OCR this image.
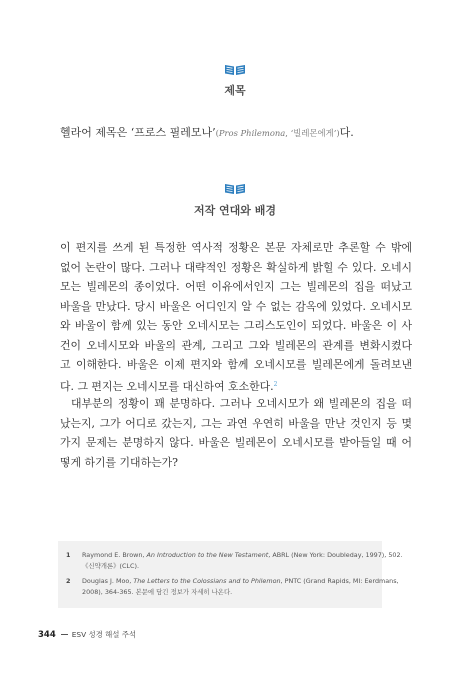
제목
헬라어 제목은 ‘프로스 필레모나’(Pros Philemona, ‘빌레몬에게’)다.
저작 연대와 배경
이 편지를 쓰게 된 특정한 역사적 정황은 본문 자체로만 추론할 수 밖에
없어 논란이 많다. 그러나 대략적인 정황은 확실하게 밝힐 수 있다. 오네시
모는 빌레몬의 종이었다. 어떤 이유에서인지 그는 빌레몬의 집을 떠났고
바울을 만났다. 당시 바울은 어디인지 알 수 없는 감옥에 있었다. 오네시모
와 바울이 함께 있는 동안 오네시모는 그리스도인이 되었다. 바울은 이 사
건이 오네시모와 바울의 관계, 그리고 그와 빌레몬의 관계를 변화시켰다
고 이해한다. 바울은 이제 편지와 함께 오네시모를 빌레몬에게 돌려보낸
다. 그 편지는 오네시모를 대신하여 호소한다.$^2$
대부분의 정황이 꽤 분명하다. 그러나 오네시모가 왜 빌레몬의 집을 떠
났는지, 그가 어디로 갔는지, 그는 과연 우연히 바울을 만난 것인지 등 몇
가지 문제는 분명하지 않다. 바울은 빌레몬이 오네시모를 받아들일 때 어
떻게 하기를 기대하는가?
1 Raymond E. Brown, An Introduction to the New Testament, ABRL (New York: Doubleday, 1997), 502.
《신약개론》(CLC).
2 Douglas J. Moo, The Letters to the Colossians and to Philemon, PNTC (Grand Rapids, MI: Eerdmans,
2008), 364-365. 본문에 담긴 정보가 자세히 나온다.
344 ESV 성경 해설 주석
